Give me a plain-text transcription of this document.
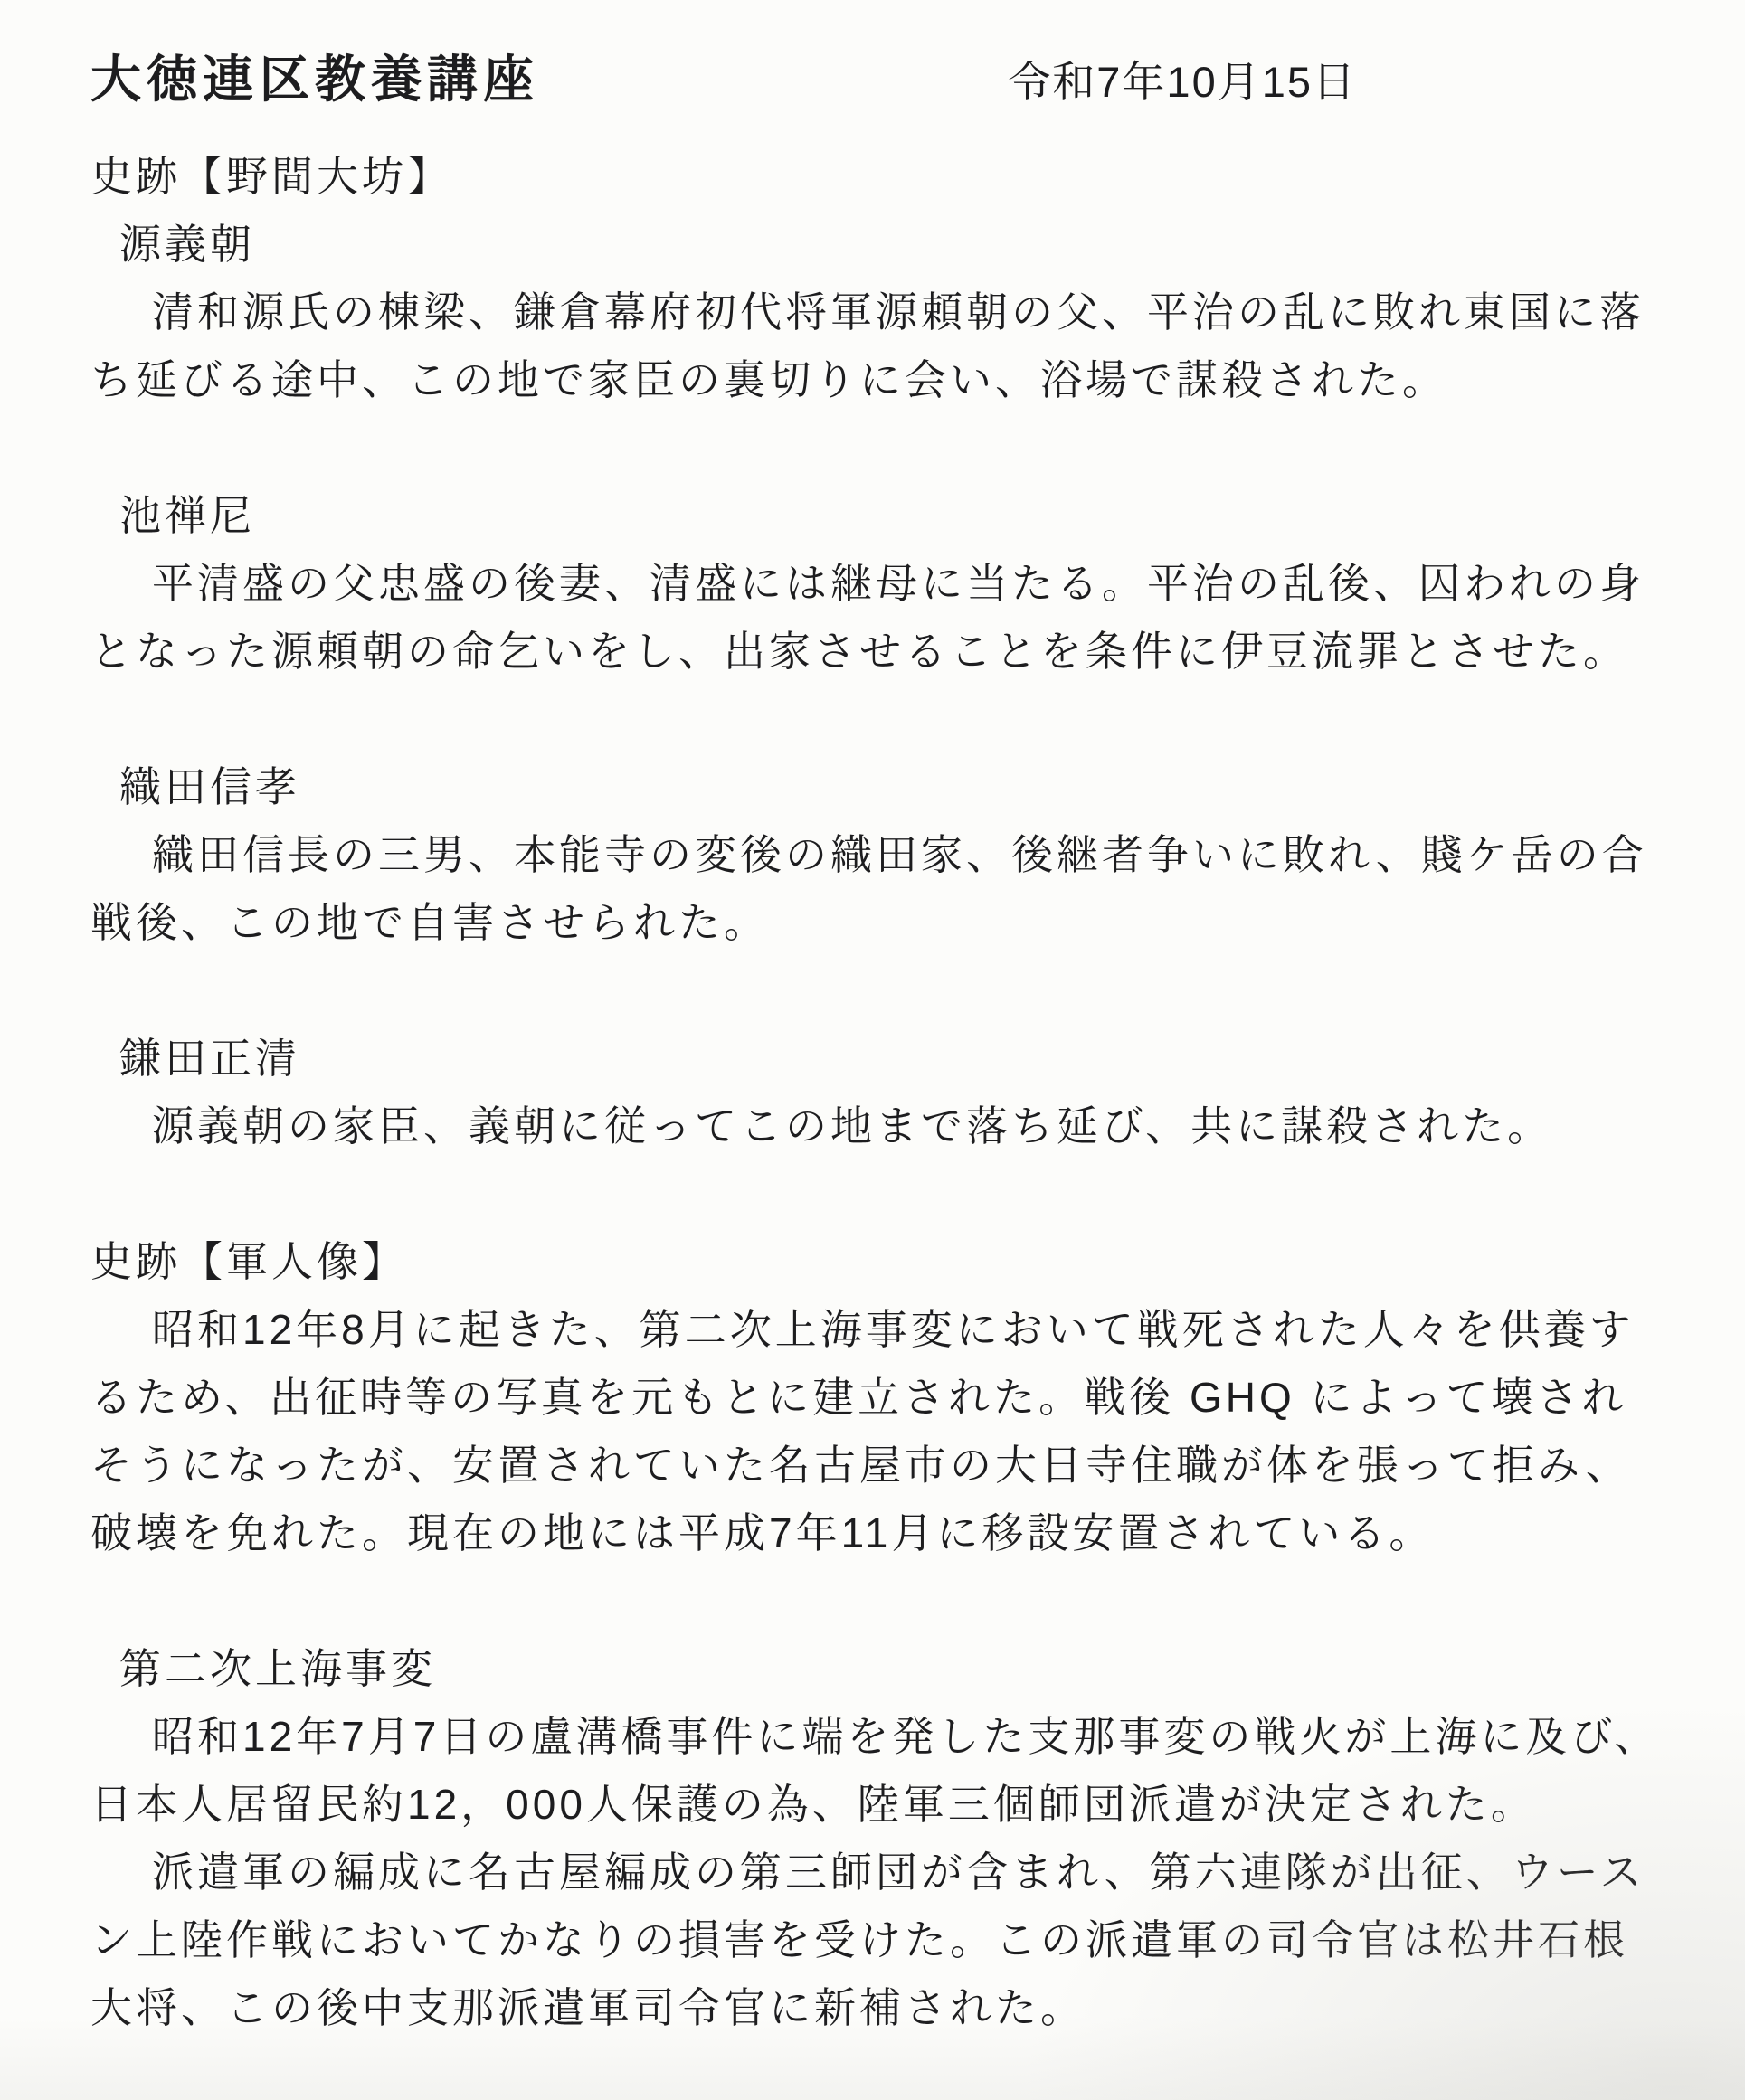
大徳連区教養講座	令和7年10月15日
史跡【野間大坊】
源義朝

清和源氏の棟梁、鎌倉幕府初代将軍源頼朝の父、平治の乱に敗れ東国に落ち延びる途中、この地で家臣の裏切りに会い、浴場で謀殺された。

池禅尼

平清盛の父忠盛の後妻、清盛には継母に当たる。平治の乱後、囚われの身となった源頼朝の命乞いをし、出家させることを条件に伊豆流罪とさせた。

織田信孝

織田信長の三男、本能寺の変後の織田家、後継者争いに敗れ、賤ケ岳の合戦後、この地で自害させられた。

鎌田正清

源義朝の家臣、義朝に従ってこの地まで落ち延び、共に謀殺された。

史跡【軍人像】

昭和12年8月に起きた、第二次上海事変において戦死された人々を供養するため、出征時等の写真を元もとに建立された。戦後 GHQ によって壊されそうになったが、安置されていた名古屋市の大日寺住職が体を張って拒み、破壊を免れた。現在の地には平成7年11月に移設安置されている。

第二次上海事変

昭和12年7月7日の盧溝橋事件に端を発した支那事変の戦火が上海に及び、日本人居留民約12，000人保護の為、陸軍三個師団派遣が決定された。

派遣軍の編成に名古屋編成の第三師団が含まれ、第六連隊が出征、ウースン上陸作戦においてかなりの損害を受けた。この派遣軍の司令官は松井石根大将、この後中支那派遣軍司令官に新補された。
